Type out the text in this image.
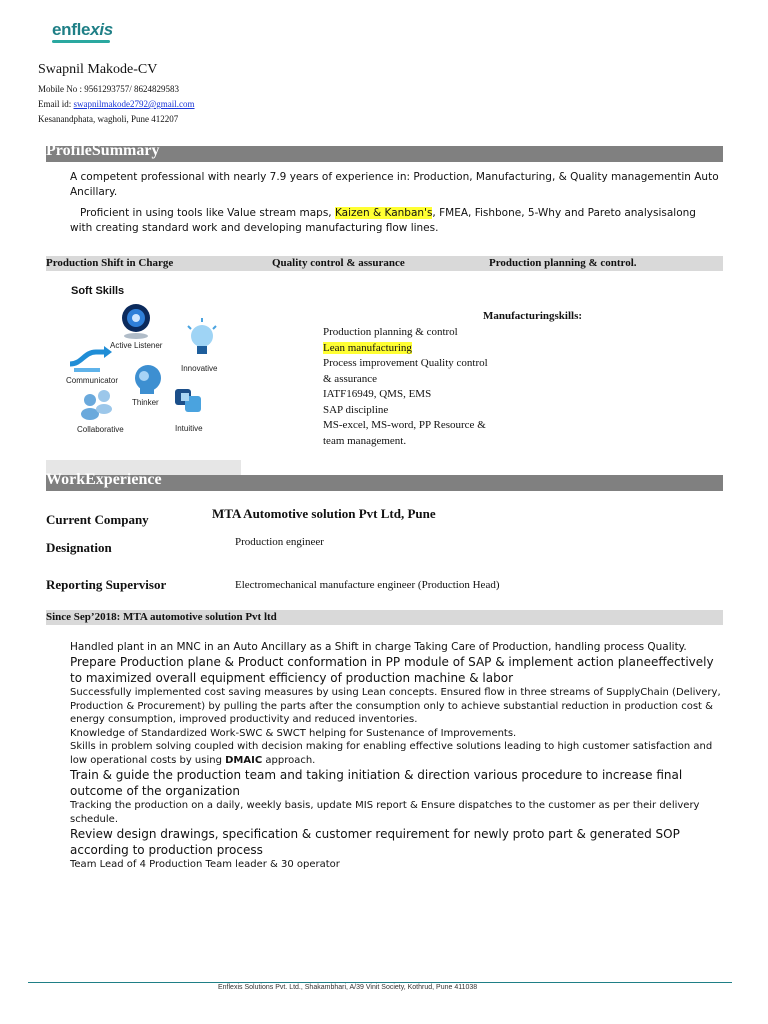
enflexis
Swapnil Makode-CV
Mobile No : 9561293757/ 8624829583
Email id: swapnilmakode2792@gmail.com
Kesanandphata, wagholi, Pune 412207
ProfileSummary
A competent professional with nearly 7.9 years of experience in: Production, Manufacturing, & Quality managementin Auto Ancillary.
Proficient in using tools like Value stream maps, Kaizen & Kanban's, FMEA, Fishbone, 5-Why and Pareto analysisalong with creating standard work and developing manufacturing flow lines.
Production Shift in Charge	Quality control & assurance	Production planning & control.
Soft Skills
Active Listener
Innovative
Communicator
Thinker
Collaborative	Intuitive
Manufacturingskills:
Production planning & control
Lean manufacturing
Process improvement Quality control & assurance
IATF16949, QMS, EMS
SAP discipline
MS-excel, MS-word, PP Resource & team management.
WorkExperience
Current Company	MTA Automotive solution Pvt Ltd, Pune
Designation	Production engineer
Reporting Supervisor	Electromechanical manufacture engineer (Production Head)
Since Sep’2018: MTA automotive solution Pvt ltd
Handled plant in an MNC in an Auto Ancillary as a Shift in charge Taking Care of Production, handling process Quality.
Prepare Production plane & Product conformation in PP module of SAP & implement action planeeffectively to maximized overall equipment efficiency of production machine & labor
Successfully implemented cost saving measures by using Lean concepts. Ensured flow in three streams of SupplyChain (Delivery, Production & Procurement) by pulling the parts after the consumption only to achieve substantial reduction in production cost & energy consumption, improved productivity and reduced inventories.
Knowledge of Standardized Work-SWC & SWCT helping for Sustenance of Improvements.
Skills in problem solving coupled with decision making for enabling effective solutions leading to high customer satisfaction and low operational costs by using DMAIC approach.
Train & guide the production team and taking initiation & direction various procedure to increase final outcome of the organization
Tracking the production on a daily, weekly basis, update MIS report & Ensure dispatches to the customer as per their delivery schedule.
Review design drawings, specification & customer requirement for newly proto part & generated SOP according to production process
Team Lead of 4 Production Team leader & 30 operator
Enflexis Solutions Pvt. Ltd., Shakambhari, A/39 Vinit Society, Kothrud, Pune 411038
